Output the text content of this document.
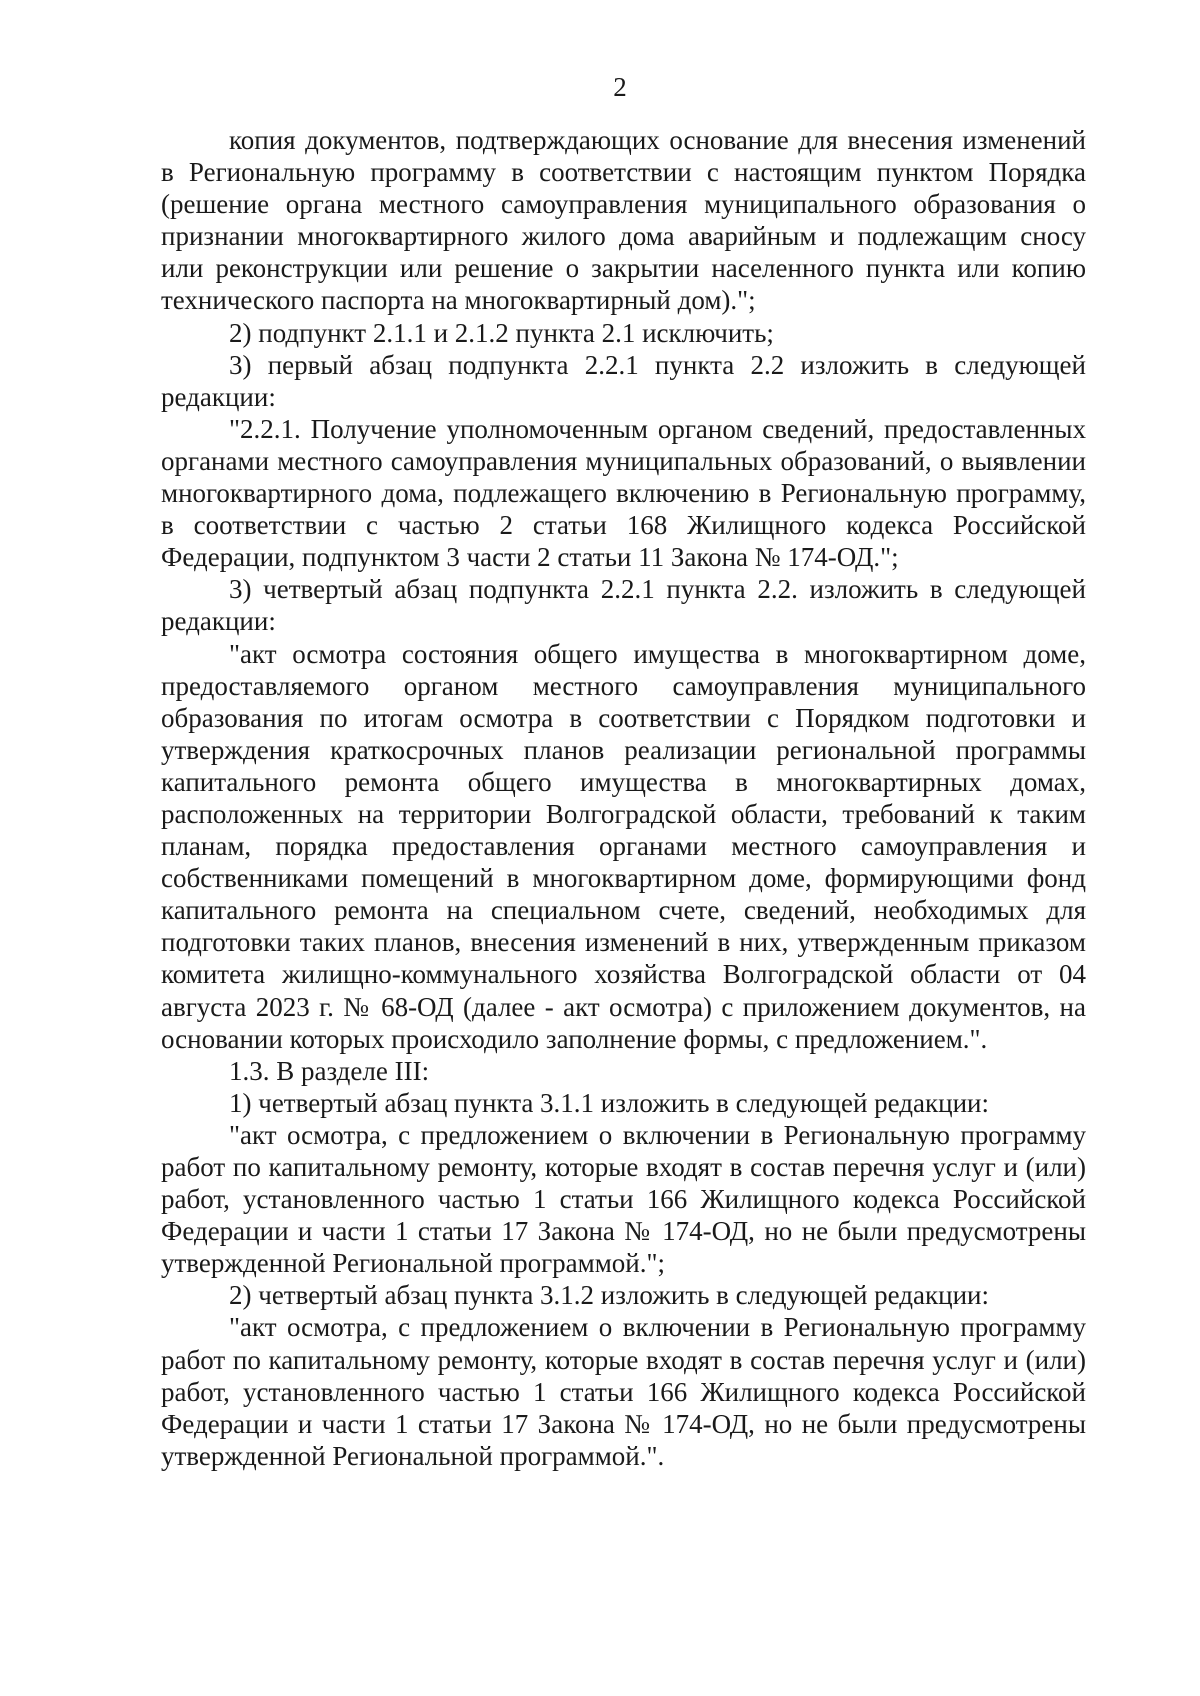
2

копия документов, подтверждающих основание для внесения изменений в Региональную программу в соответствии с настоящим пунктом Порядка (решение органа местного самоуправления муниципального образования о признании многоквартирного жилого дома аварийным и подлежащим сносу или реконструкции или решение о закрытии населенного пункта или копию технического паспорта на многоквартирный дом).";

2) подпункт 2.1.1 и 2.1.2 пункта 2.1 исключить;

3) первый абзац подпункта 2.2.1 пункта 2.2 изложить в следующей редакции:

"2.2.1. Получение уполномоченным органом сведений, предоставленных органами местного самоуправления муниципальных образований, о выявлении многоквартирного дома, подлежащего включению в Региональную программу, в соответствии с частью 2 статьи 168 Жилищного кодекса Российской Федерации, подпунктом 3 части 2 статьи 11 Закона № 174-ОД.";

3) четвертый абзац подпункта 2.2.1 пункта 2.2. изложить в следующей редакции:

"акт осмотра состояния общего имущества в многоквартирном доме, предоставляемого органом местного самоуправления муниципального образования по итогам осмотра в соответствии с Порядком подготовки и утверждения краткосрочных планов реализации региональной программы капитального ремонта общего имущества в многоквартирных домах, расположенных на территории Волгоградской области, требований к таким планам, порядка предоставления органами местного самоуправления и собственниками помещений в многоквартирном доме, формирующими фонд капитального ремонта на специальном счете, сведений, необходимых для подготовки таких планов, внесения изменений в них, утвержденным приказом комитета жилищно-коммунального хозяйства Волгоградской области от 04 августа 2023 г. № 68-ОД (далее - акт осмотра) с приложением документов, на основании которых происходило заполнение формы, с предложением.".

1.3. В разделе III:

1) четвертый абзац пункта 3.1.1 изложить в следующей редакции:

"акт осмотра, с предложением о включении в Региональную программу работ по капитальному ремонту, которые входят в состав перечня услуг и (или) работ, установленного частью 1 статьи 166 Жилищного кодекса Российской Федерации и части 1 статьи 17 Закона № 174-ОД, но не были предусмотрены утвержденной Региональной программой.";

2) четвертый абзац пункта 3.1.2 изложить в следующей редакции:

"акт осмотра, с предложением о включении в Региональную программу работ по капитальному ремонту, которые входят в состав перечня услуг и (или) работ, установленного частью 1 статьи 166 Жилищного кодекса Российской Федерации и части 1 статьи 17 Закона № 174-ОД, но не были предусмотрены утвержденной Региональной программой.".
